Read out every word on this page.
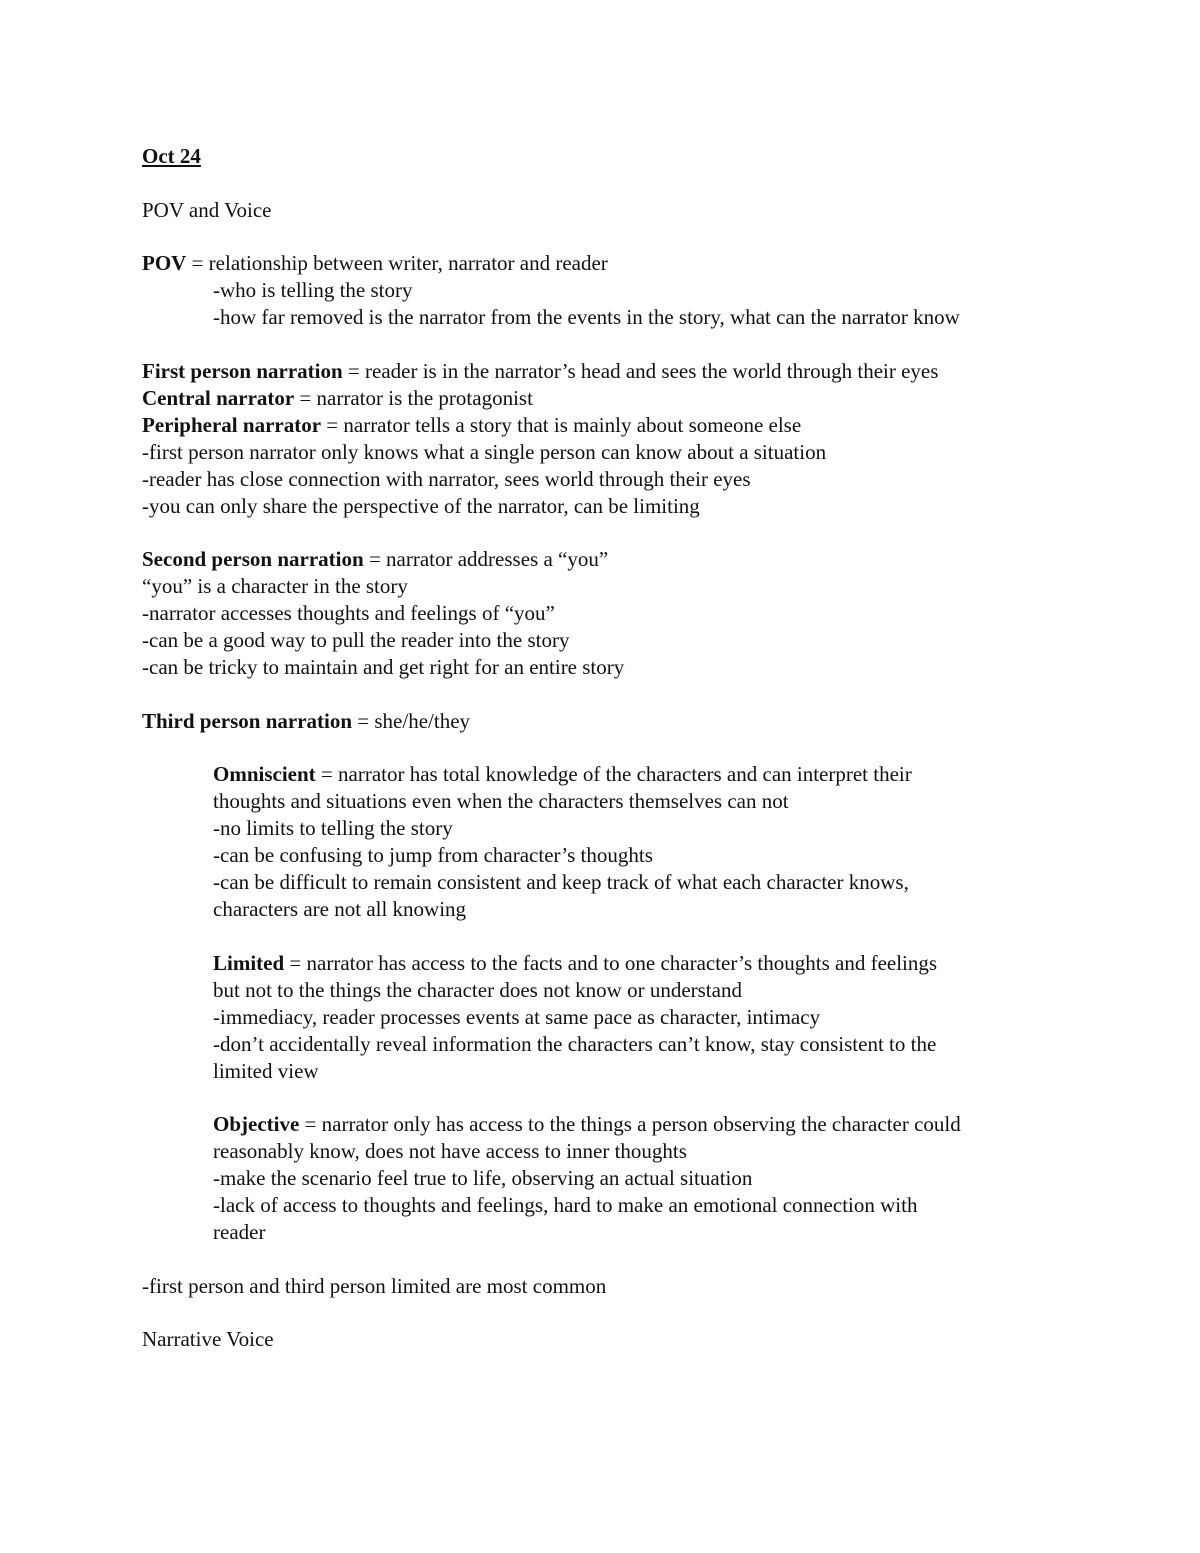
Oct 24
POV and Voice
POV = relationship between writer, narrator and reader
-who is telling the story
-how far removed is the narrator from the events in the story, what can the narrator know
First person narration = reader is in the narrator’s head and sees the world through their eyes
Central narrator = narrator is the protagonist
Peripheral narrator = narrator tells a story that is mainly about someone else
-first person narrator only knows what a single person can know about a situation
-reader has close connection with narrator, sees world through their eyes
-you can only share the perspective of the narrator, can be limiting
Second person narration = narrator addresses a “you”
“you” is a character in the story
-narrator accesses thoughts and feelings of “you”
-can be a good way to pull the reader into the story
-can be tricky to maintain and get right for an entire story
Third person narration = she/he/they
Omniscient = narrator has total knowledge of the characters and can interpret their
thoughts and situations even when the characters themselves can not
-no limits to telling the story
-can be confusing to jump from character’s thoughts
-can be difficult to remain consistent and keep track of what each character knows,
characters are not all knowing
Limited = narrator has access to the facts and to one character’s thoughts and feelings
but not to the things the character does not know or understand
-immediacy, reader processes events at same pace as character, intimacy
-don’t accidentally reveal information the characters can’t know, stay consistent to the
limited view
Objective = narrator only has access to the things a person observing the character could
reasonably know, does not have access to inner thoughts
-make the scenario feel true to life, observing an actual situation
-lack of access to thoughts and feelings, hard to make an emotional connection with
reader
-first person and third person limited are most common
Narrative Voice
